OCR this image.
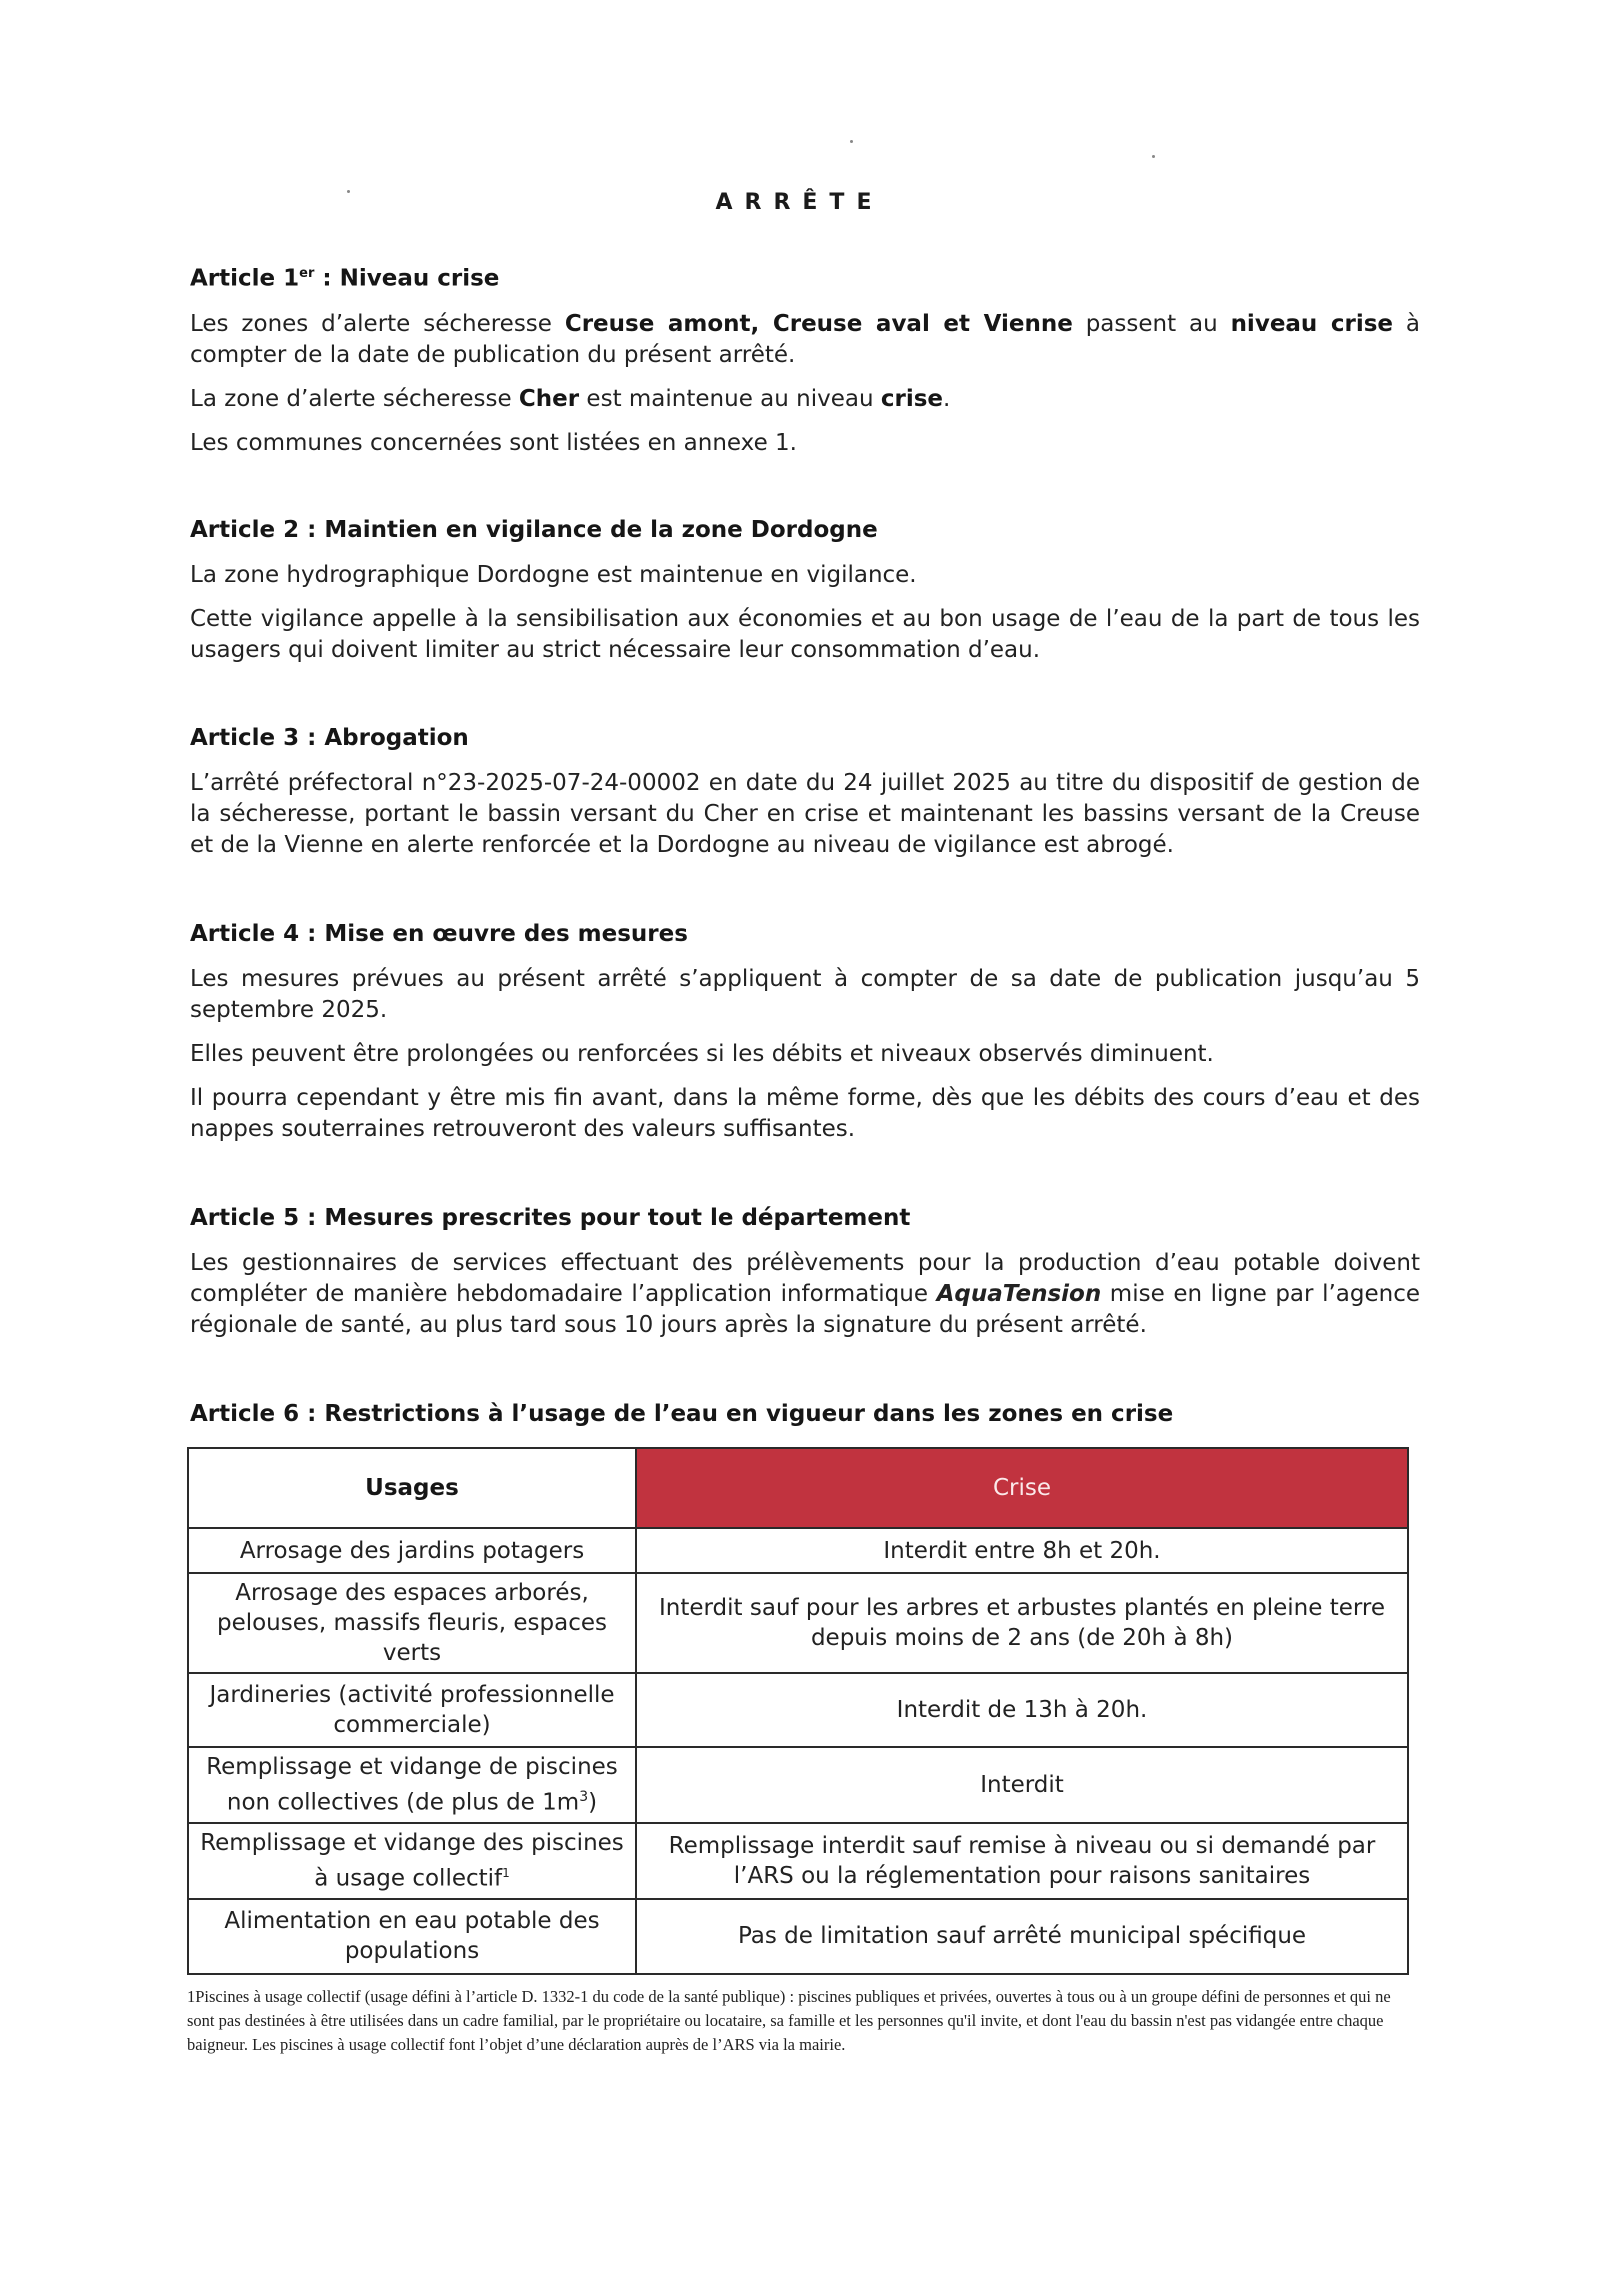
ARRÊTE
Article 1er : Niveau crise

Les zones d’alerte sécheresse Creuse amont, Creuse aval et Vienne passent au niveau crise à compter de la date de publication du présent arrêté.

La zone d’alerte sécheresse Cher est maintenue au niveau crise.

Les communes concernées sont listées en annexe 1.

Article 2 : Maintien en vigilance de la zone Dordogne

La zone hydrographique Dordogne est maintenue en vigilance.

Cette vigilance appelle à la sensibilisation aux économies et au bon usage de l’eau de la part de tous les usagers qui doivent limiter au strict nécessaire leur consommation d’eau.

Article 3 : Abrogation

L’arrêté préfectoral n°23-2025-07-24-00002 en date du 24 juillet 2025 au titre du dispositif de gestion de la sécheresse, portant le bassin versant du Cher en crise et maintenant les bassins versant de la Creuse et de la Vienne en alerte renforcée et la Dordogne au niveau de vigilance est abrogé.

Article 4 : Mise en œuvre des mesures

Les mesures prévues au présent arrêté s’appliquent à compter de sa date de publication jusqu’au 5 septembre 2025.

Elles peuvent être prolongées ou renforcées si les débits et niveaux observés diminuent.

Il pourra cependant y être mis fin avant, dans la même forme, dès que les débits des cours d’eau et des nappes souterraines retrouveront des valeurs suffisantes.

Article 5 : Mesures prescrites pour tout le département

Les gestionnaires de services effectuant des prélèvements pour la production d’eau potable doivent compléter de manière hebdomadaire l’application informatique AquaTension mise en ligne par l’agence régionale de santé, au plus tard sous 10 jours après la signature du présent arrêté.

Article 6 : Restrictions à l’usage de l’eau en vigueur dans les zones en crise
Usages	Crise
Arrosage des jardins potagers	Interdit entre 8h et 20h.
Arrosage des espaces arborés, pelouses, massifs fleuris, espaces verts	Interdit sauf pour les arbres et arbustes plantés en pleine terre depuis moins de 2 ans (de 20h à 8h)
Jardineries (activité professionnelle commerciale)	Interdit de 13h à 20h.
Remplissage et vidange de piscines non collectives (de plus de $1m^3$)	Interdit
Remplissage et vidange des piscines à usage collectif$^1$	Remplissage interdit sauf remise à niveau ou si demandé par l’ARS ou la réglementation pour raisons sanitaires
Alimentation en eau potable des populations	Pas de limitation sauf arrêté municipal spécifique
1Piscines à usage collectif (usage défini à l’article D. 1332-1 du code de la santé publique) : piscines publiques et privées, ouvertes à tous ou à un groupe défini de personnes et qui ne sont pas destinées à être utilisées dans un cadre familial, par le propriétaire ou locataire, sa famille et les personnes qu'il invite, et dont l'eau du bassin n'est pas vidangée entre chaque baigneur. Les piscines à usage collectif font l’objet d’une déclaration auprès de l’ARS via la mairie.
